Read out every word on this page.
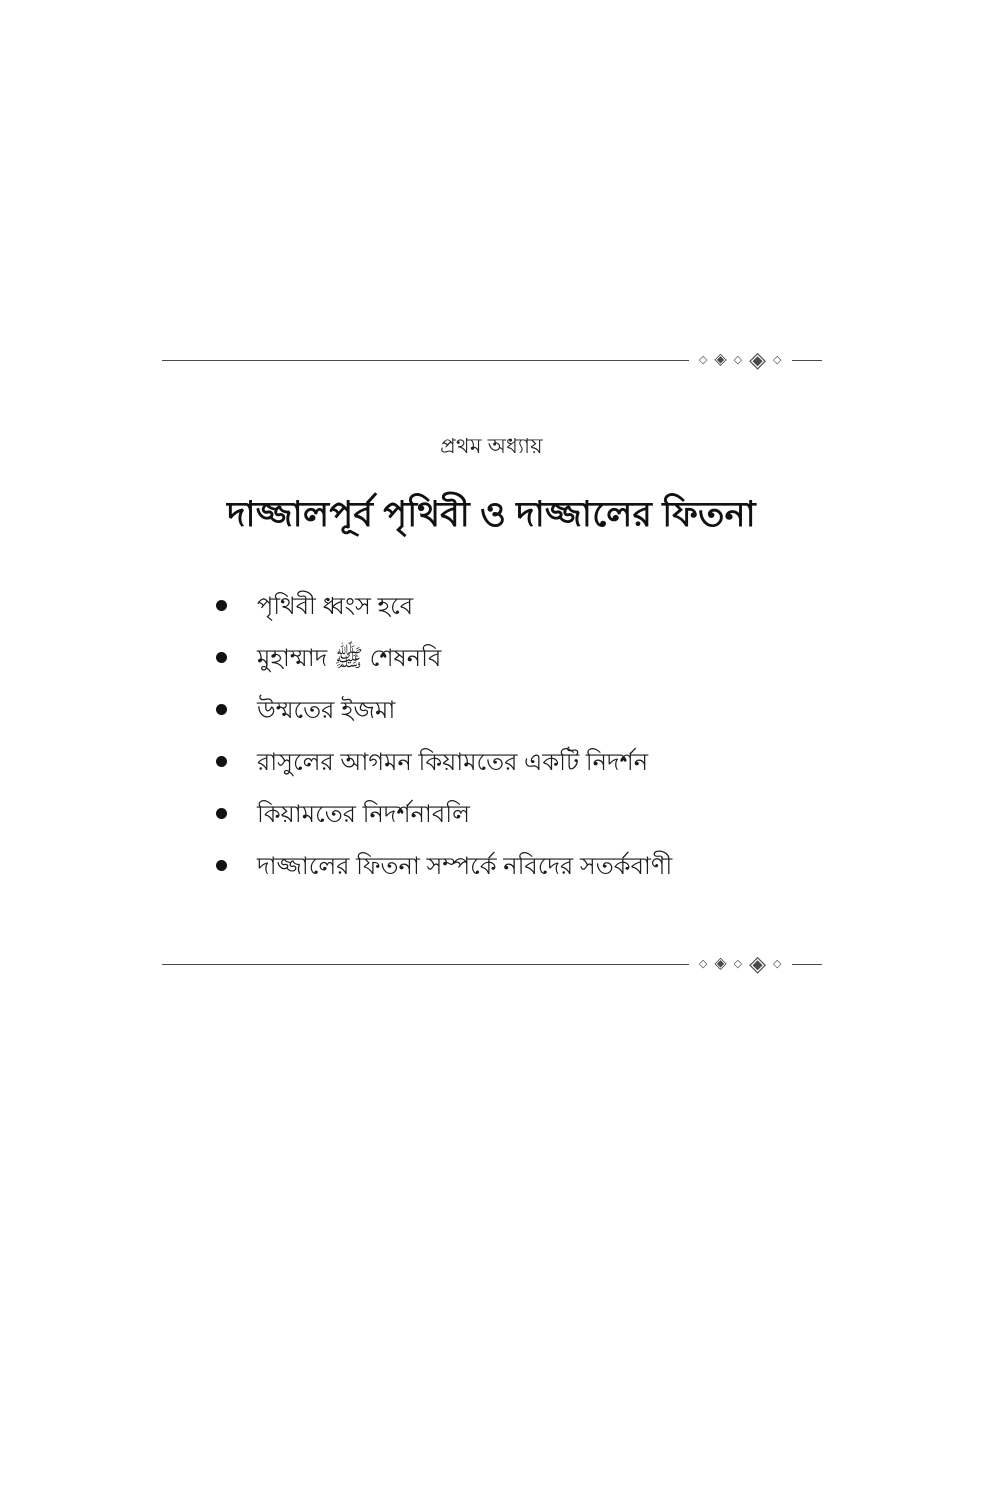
◇ ◈ ◇ ◈ ◇
প্রথম অধ্যায়
দাজ্জালপূর্ব পৃথিবী ও দাজ্জালের ফিতনা
পৃথিবী ধ্বংস হবে
মুহাম্মাদ ﷺ শেষনবি
উম্মতের ইজমা
রাসুলের আগমন কিয়ামতের একটি নিদর্শন
কিয়ামতের নিদর্শনাবলি
দাজ্জালের ফিতনা সম্পর্কে নবিদের সতর্কবাণী
◇ ◈ ◇ ◈ ◇
